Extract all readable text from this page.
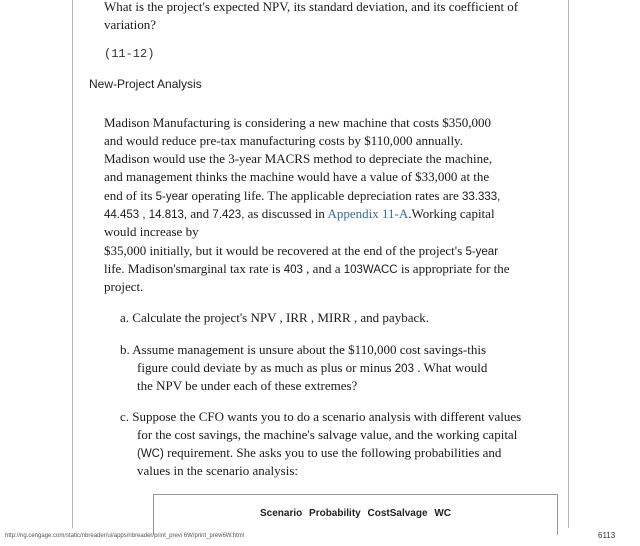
What is the project's expected NPV, its standard deviation, and its coefficient of
variation?
(11-12)
New-Project Analysis
Madison Manufacturing is considering a new machine that costs $350,000
and would reduce pre-tax manufacturing costs by $110,000 annually.
Madison would use the 3-year MACRS method to depreciate the machine,
and management thinks the machine would have a value of $33,000 at the
end of its 5-year operating life. The applicable depreciation rates are 33.333,
44.453 , 14.813, and 7.423, as discussed in Appendix 11-A.Working capital
would increase by
$35,000 initially, but it would be recovered at the end of the project's 5-year
life. Madison'smarginal tax rate is 403 , and a 103WACC is appropriate for the
project.
a. Calculate the project's NPV , IRR , MIRR , and payback.
b. Assume management is unsure about the $110,000 cost savings-this
figure could deviate by as much as plus or minus 203 . What would
the NPV be under each of these extremes?
c. Suppose the CFO wants you to do a scenario analysis with different values
for the cost savings, the machine's salvage value, and the working capital
(WC) requirement. She asks you to use the following probabilities and
values in the scenario analysis:
Scenario Probability CostSalvage WC
http://ng.cengage.com/static/nbreader/ui/apps/nbreader/print_previ 6W/print_previ6W.html	6113
